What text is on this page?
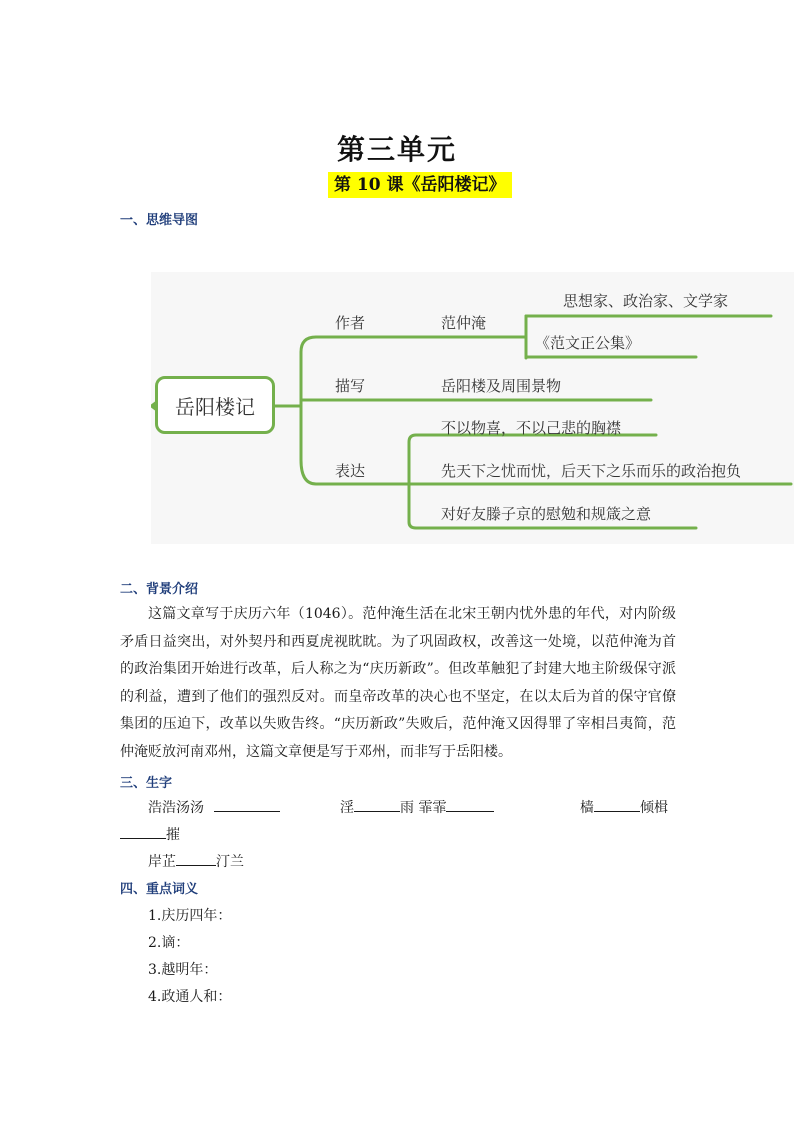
第三单元
第 10 课《岳阳楼记》
一、思维导图
岳阳楼记
作者	范仲淹
思想家、政治家、文学家
《范文正公集》
描写	岳阳楼及周围景物
表达
不以物喜，不以己悲的胸襟
先天下之忧而忧，后天下之乐而乐的政治抱负
对好友滕子京的慰勉和规箴之意
二、背景介绍

这篇文章写于庆历六年（1046）。范仲淹生活在北宋王朝内忧外患的年代，对内阶级矛盾日益突出，对外契丹和西夏虎视眈眈。为了巩固政权，改善这一处境，以范仲淹为首的政治集团开始进行改革，后人称之为“庆历新政”。但改革触犯了封建大地主阶级保守派的利益，遭到了他们的强烈反对。而皇帝改革的决心也不坚定，在以太后为首的保守官僚集团的压迫下，改革以失败告终。“庆历新政”失败后，范仲淹又因得罪了宰相吕夷简，范仲淹贬放河南邓州，这篇文章便是写于邓州，而非写于岳阳楼。

三、生字
浩浩汤汤	淫	雨 霏霏	樯	倾楫
摧
岸芷	汀兰
四、重点词义
1.庆历四年：
2.谪：
3.越明年：
4.政通人和：
